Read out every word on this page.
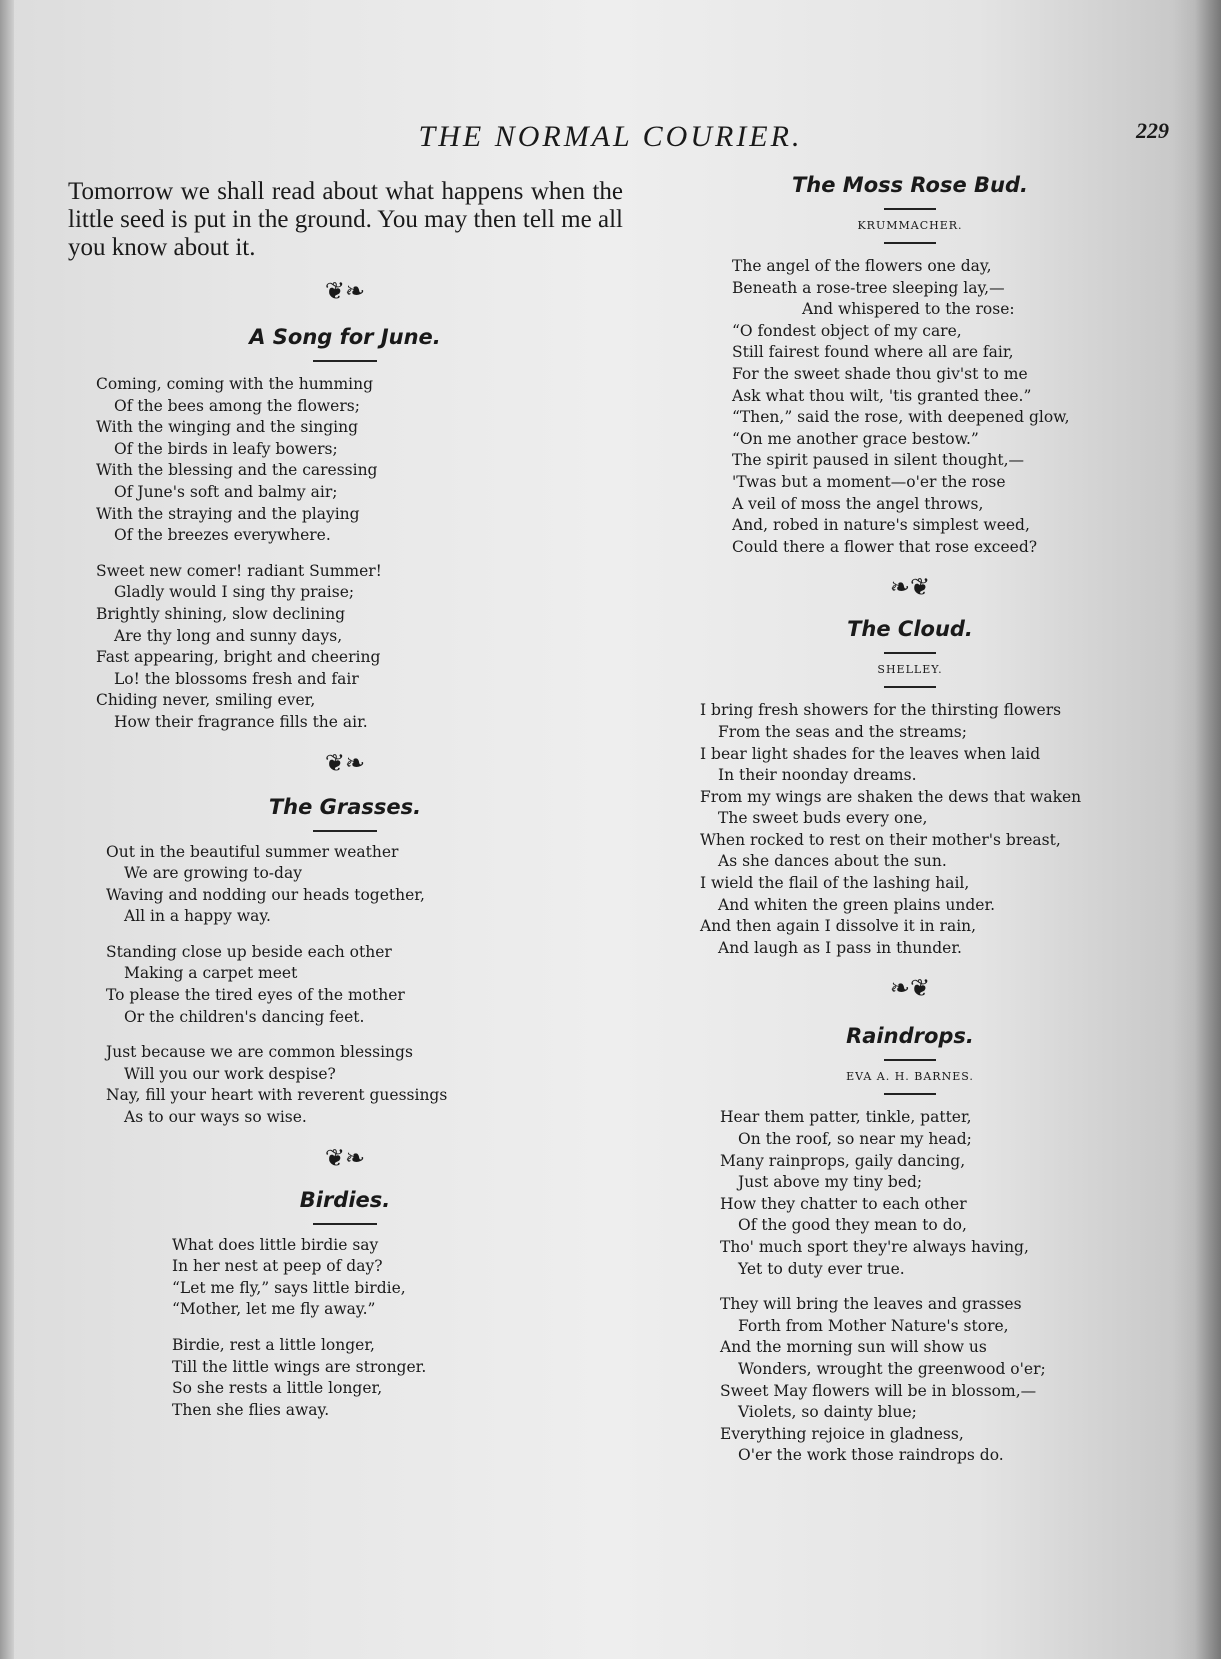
THE NORMAL COURIER.	229

Tomorrow we shall read about what happens when the little seed is put in the ground. You may then tell me all you know about it.

❦❧
A Song for June.
Coming, coming with the humming
Of the bees among the flowers;
With the winging and the singing
Of the birds in leafy bowers;
With the blessing and the caressing
Of June's soft and balmy air;
With the straying and the playing
Of the breezes everywhere.
Sweet new comer! radiant Summer!
Gladly would I sing thy praise;
Brightly shining, slow declining
Are thy long and sunny days,
Fast appearing, bright and cheering
Lo! the blossoms fresh and fair
Chiding never, smiling ever,
How their fragrance fills the air.
❦❧
The Grasses.
Out in the beautiful summer weather
We are growing to-day
Waving and nodding our heads together,
All in a happy way.
Standing close up beside each other
Making a carpet meet
To please the tired eyes of the mother
Or the children's dancing feet.
Just because we are common blessings
Will you our work despise?
Nay, fill your heart with reverent guessings
As to our ways so wise.
❦❧
Birdies.
What does little birdie say
In her nest at peep of day?
“Let me fly,” says little birdie,
“Mother, let me fly away.”
Birdie, rest a little longer,
Till the little wings are stronger.
So she rests a little longer,
Then she flies away.
The Moss Rose Bud.
KRUMMACHER.
The angel of the flowers one day,
Beneath a rose-tree sleeping lay,—
And whispered to the rose:
“O fondest object of my care,
Still fairest found where all are fair,
For the sweet shade thou giv'st to me
Ask what thou wilt, 'tis granted thee.”
“Then,” said the rose, with deepened glow,
“On me another grace bestow.”
The spirit paused in silent thought,—
'Twas but a moment—o'er the rose
A veil of moss the angel throws,
And, robed in nature's simplest weed,
Could there a flower that rose exceed?
❧❦
The Cloud.
SHELLEY.
I bring fresh showers for the thirsting flowers
From the seas and the streams;
I bear light shades for the leaves when laid
In their noonday dreams.
From my wings are shaken the dews that waken
The sweet buds every one,
When rocked to rest on their mother's breast,
As she dances about the sun.
I wield the flail of the lashing hail,
And whiten the green plains under.
And then again I dissolve it in rain,
And laugh as I pass in thunder.
❧❦
Raindrops.
EVA A. H. BARNES.
Hear them patter, tinkle, patter,
On the roof, so near my head;
Many rainprops, gaily dancing,
Just above my tiny bed;
How they chatter to each other
Of the good they mean to do,
Tho' much sport they're always having,
Yet to duty ever true.
They will bring the leaves and grasses
Forth from Mother Nature's store,
And the morning sun will show us
Wonders, wrought the greenwood o'er;
Sweet May flowers will be in blossom,—
Violets, so dainty blue;
Everything rejoice in gladness,
O'er the work those raindrops do.
